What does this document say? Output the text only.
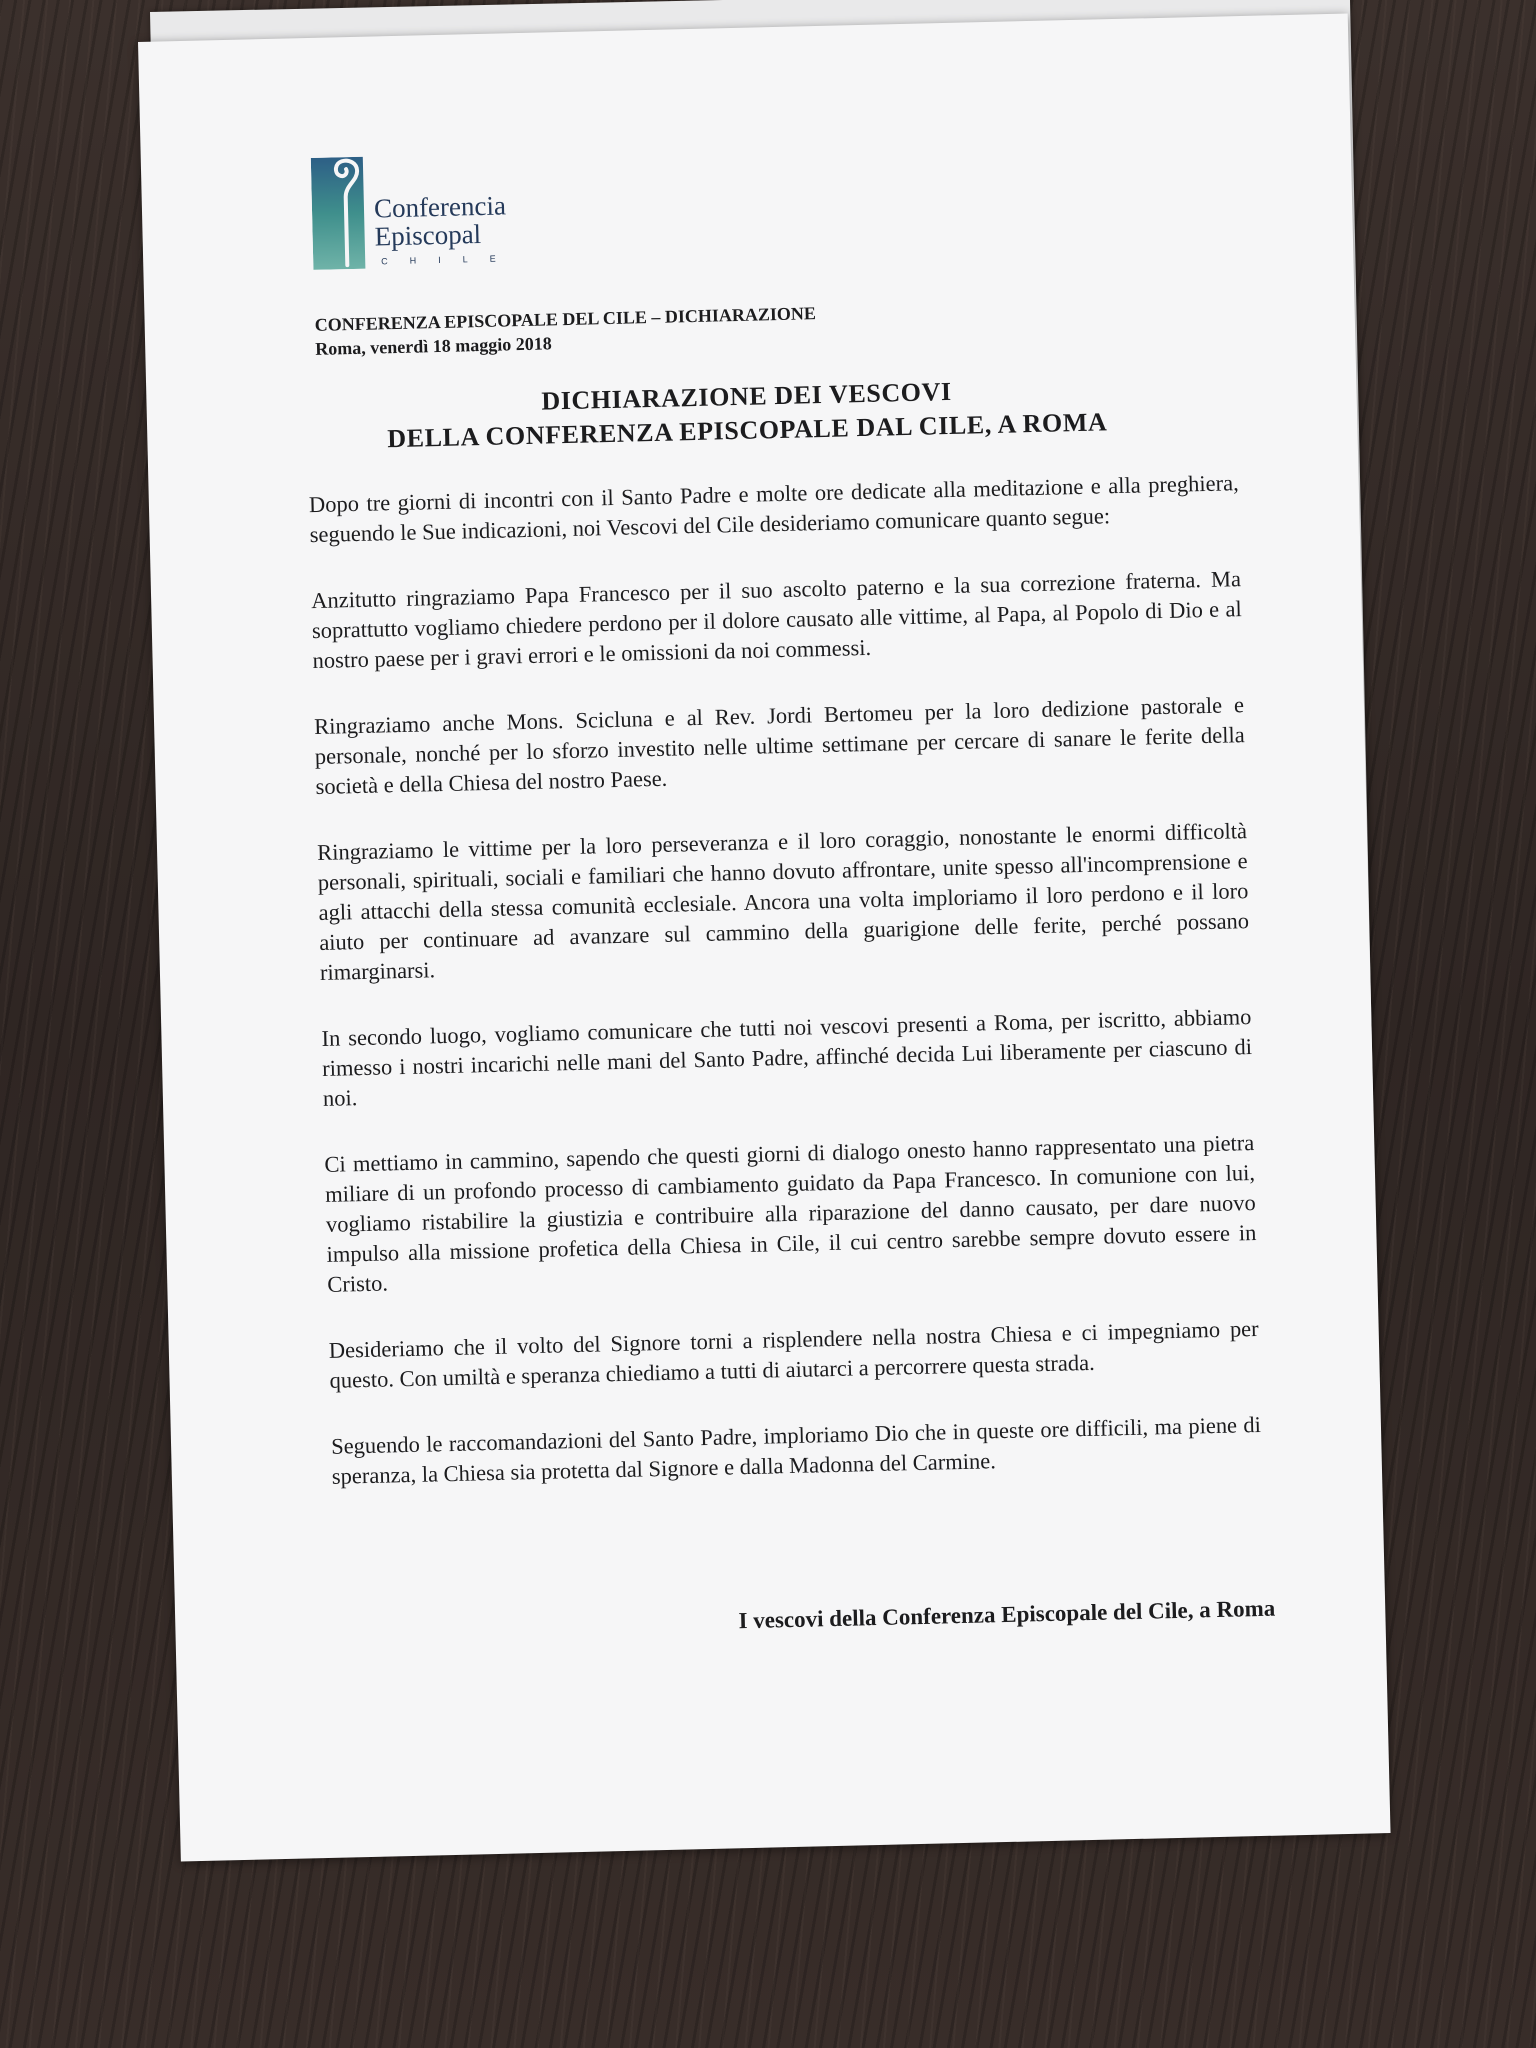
Conferencia
Episcopal
CHILE
CONFERENZA EPISCOPALE DEL CILE – DICHIARAZIONE
Roma, venerdì 18 maggio 2018
DICHIARAZIONE DEI VESCOVI
DELLA CONFERENZA EPISCOPALE DAL CILE, A ROMA

Dopo tre giorni di incontri con il Santo Padre e molte ore dedicate alla meditazione e alla preghiera, seguendo le Sue indicazioni, noi Vescovi del Cile desideriamo comunicare quanto segue:

Anzitutto ringraziamo Papa Francesco per il suo ascolto paterno e la sua correzione fraterna. Ma soprattutto vogliamo chiedere perdono per il dolore causato alle vittime, al Papa, al Popolo di Dio e al nostro paese per i gravi errori e le omissioni da noi commessi.

Ringraziamo anche Mons. Scicluna e al Rev. Jordi Bertomeu per la loro dedizione pastorale e personale, nonché per lo sforzo investito nelle ultime settimane per cercare di sanare le ferite della società e della Chiesa del nostro Paese.

Ringraziamo le vittime per la loro perseveranza e il loro coraggio, nonostante le enormi difficoltà personali, spirituali, sociali e familiari che hanno dovuto affrontare, unite spesso all'incomprensione e agli attacchi della stessa comunità ecclesiale. Ancora una volta imploriamo il loro perdono e il loro aiuto per continuare ad avanzare sul cammino della guarigione delle ferite, perché possano rimarginarsi.

In secondo luogo, vogliamo comunicare che tutti noi vescovi presenti a Roma, per iscritto, abbiamo rimesso i nostri incarichi nelle mani del Santo Padre, affinché decida Lui liberamente per ciascuno di noi.

Ci mettiamo in cammino, sapendo che questi giorni di dialogo onesto hanno rappresentato una pietra miliare di un profondo processo di cambiamento guidato da Papa Francesco. In comunione con lui, vogliamo ristabilire la giustizia e contribuire alla riparazione del danno causato, per dare nuovo impulso alla missione profetica della Chiesa in Cile, il cui centro sarebbe sempre dovuto essere in Cristo.

Desideriamo che il volto del Signore torni a risplendere nella nostra Chiesa e ci impegniamo per questo. Con umiltà e speranza chiediamo a tutti di aiutarci a percorrere questa strada.

Seguendo le raccomandazioni del Santo Padre, imploriamo Dio che in queste ore difficili, ma piene di speranza, la Chiesa sia protetta dal Signore e dalla Madonna del Carmine.

I vescovi della Conferenza Episcopale del Cile, a Roma
